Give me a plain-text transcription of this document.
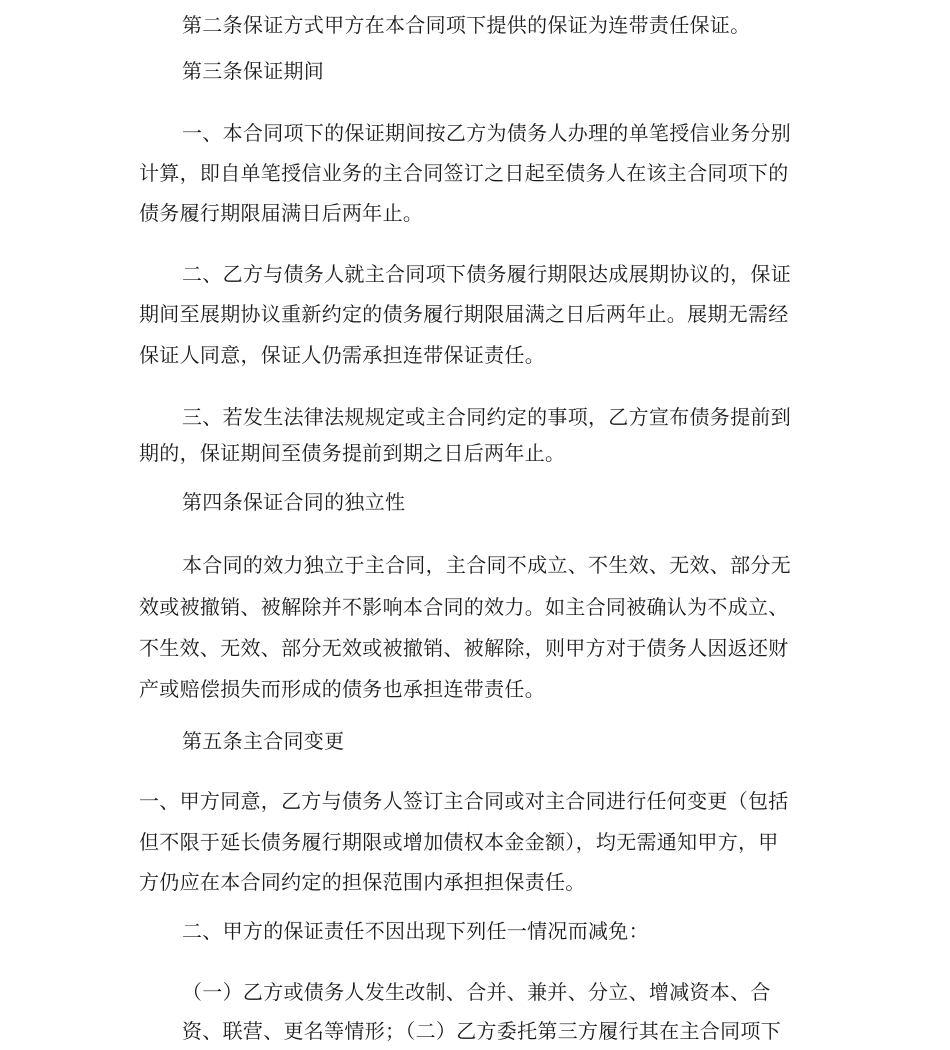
第二条保证方式甲方在本合同项下提供的保证为连带责任保证。
第三条保证期间
一、本合同项下的保证期间按乙方为债务人办理的单笔授信业务分别
计算，即自单笔授信业务的主合同签订之日起至债务人在该主合同项下的
债务履行期限届满日后两年止。
二、乙方与债务人就主合同项下债务履行期限达成展期协议的，保证
期间至展期协议重新约定的债务履行期限届满之日后两年止。展期无需经
保证人同意，保证人仍需承担连带保证责任。
三、若发生法律法规规定或主合同约定的事项，乙方宣布债务提前到
期的，保证期间至债务提前到期之日后两年止。
第四条保证合同的独立性
本合同的效力独立于主合同，主合同不成立、不生效、无效、部分无
效或被撤销、被解除并不影响本合同的效力。如主合同被确认为不成立、
不生效、无效、部分无效或被撤销、被解除，则甲方对于债务人因返还财
产或赔偿损失而形成的债务也承担连带责任。
第五条主合同变更
一、甲方同意，乙方与债务人签订主合同或对主合同进行任何变更（包括
但不限于延长债务履行期限或增加债权本金金额），均无需通知甲方，甲
方仍应在本合同约定的担保范围内承担担保责任。
二、甲方的保证责任不因出现下列任一情况而减免：
（一）乙方或债务人发生改制、合并、兼并、分立、增减资本、合
资、联营、更名等情形；（二）乙方委托第三方履行其在主合同项下
